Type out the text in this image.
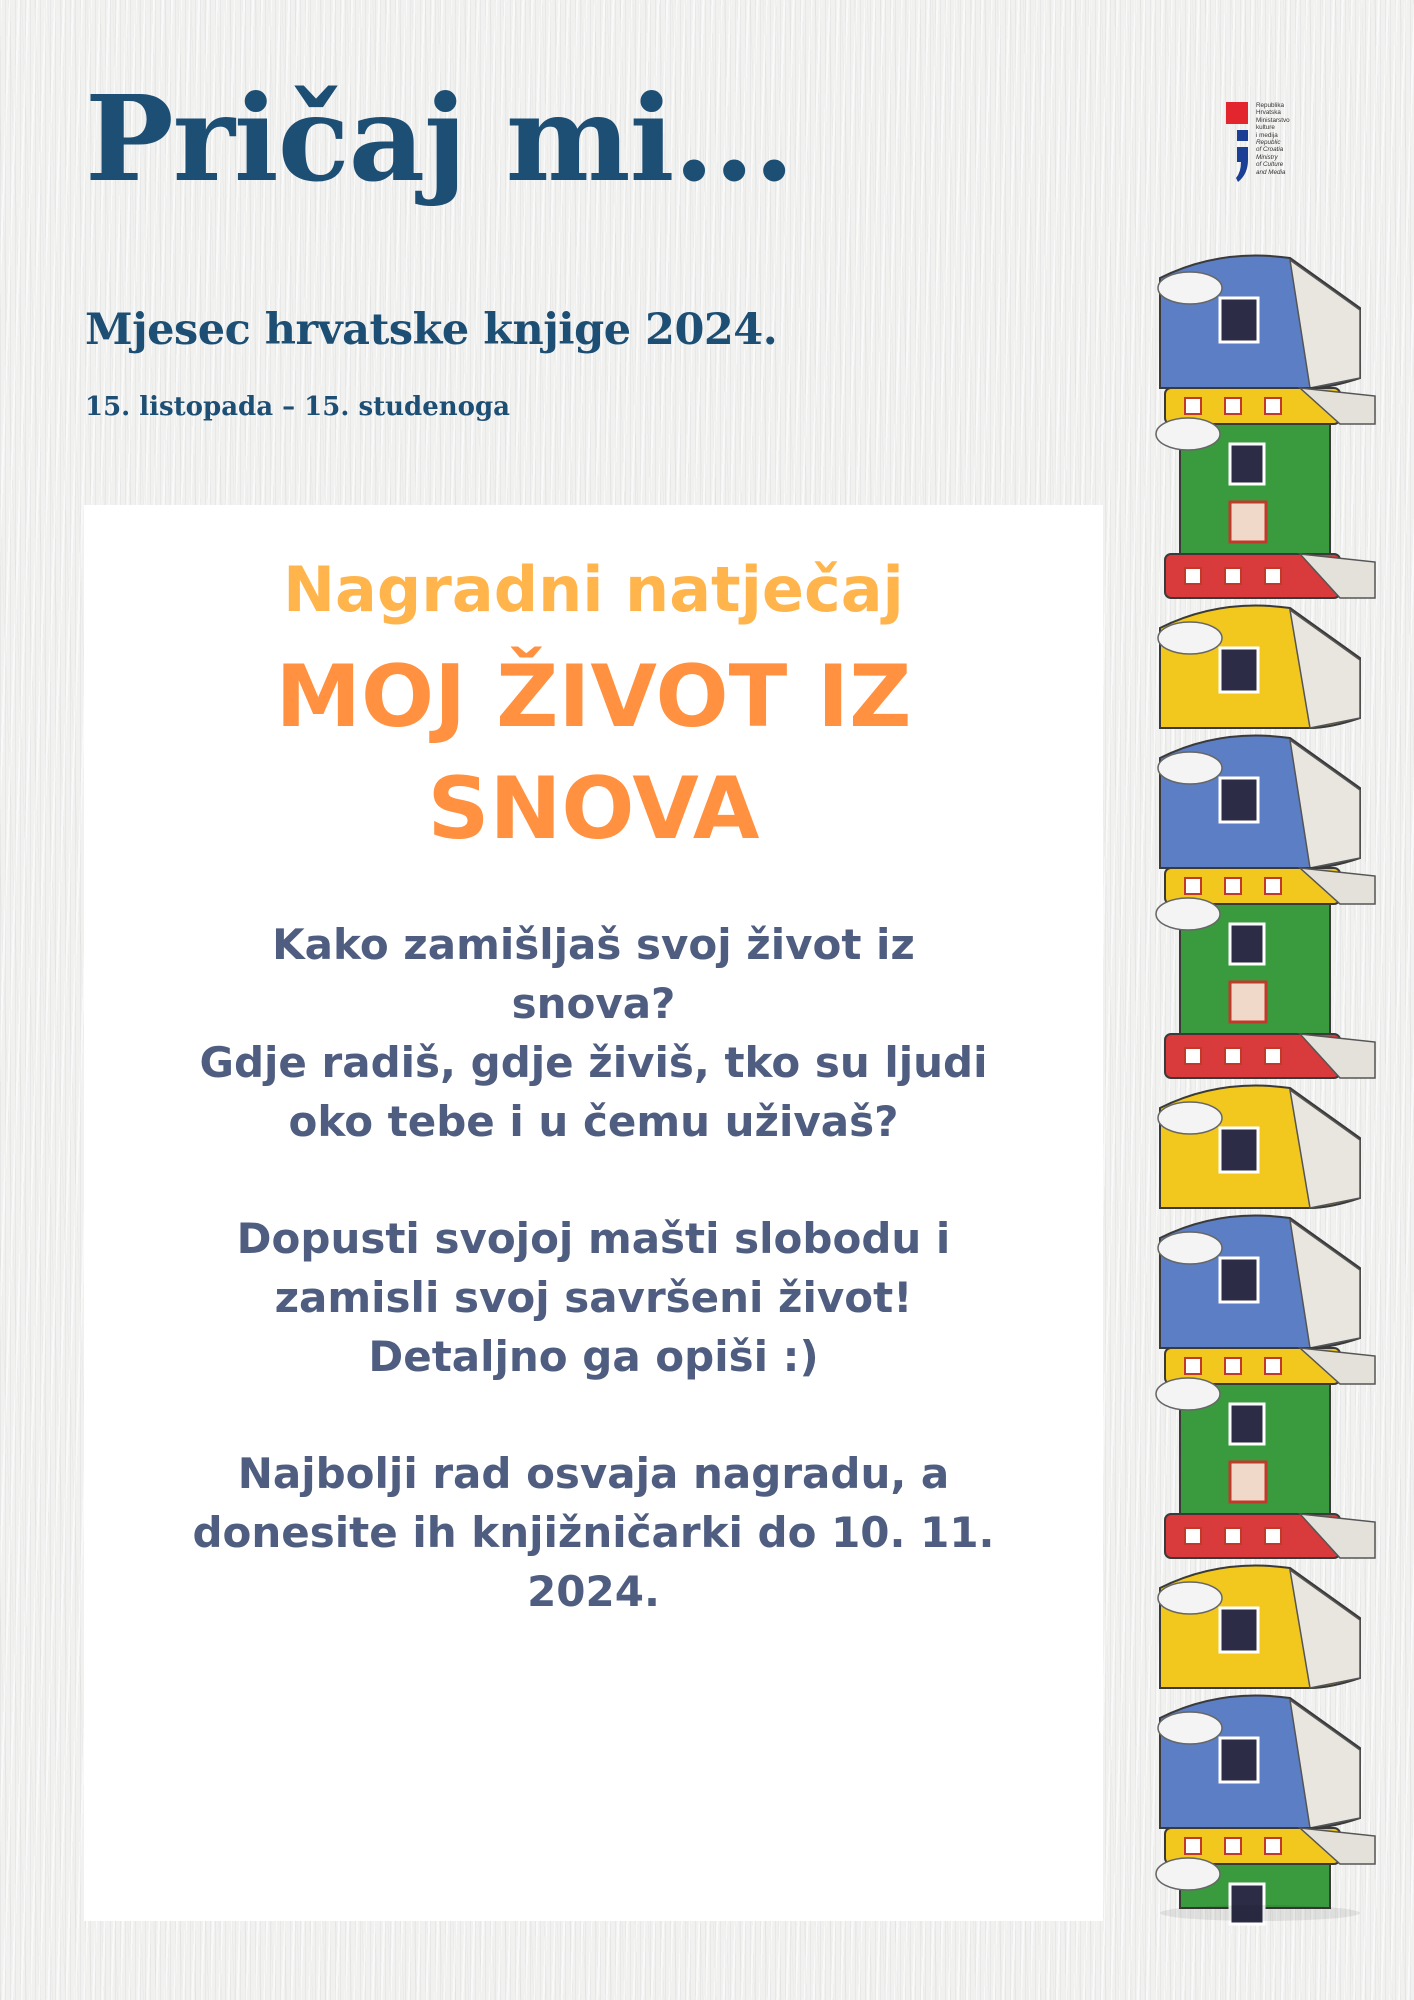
Pričaj mi...
Mjesec hrvatske knjige 2024.
15. listopada – 15. studenoga
Republika
Hrvatska
Ministarstvo
kulture
i medija
Republic
of Croatia
Ministry
of Culture
and Media
Nagradni natječaj
MOJ ŽIVOT IZ
SNOVA
Kako zamišljaš svoj život iz
snova?
Gdje radiš, gdje živiš, tko su ljudi
oko tebe i u čemu uživaš?
Dopusti svojoj mašti slobodu i
zamisli svoj savršeni život!
Detaljno ga opiši :)
Najbolji rad osvaja nagradu, a
donesite ih knjižničarki do 10. 11.
2024.
